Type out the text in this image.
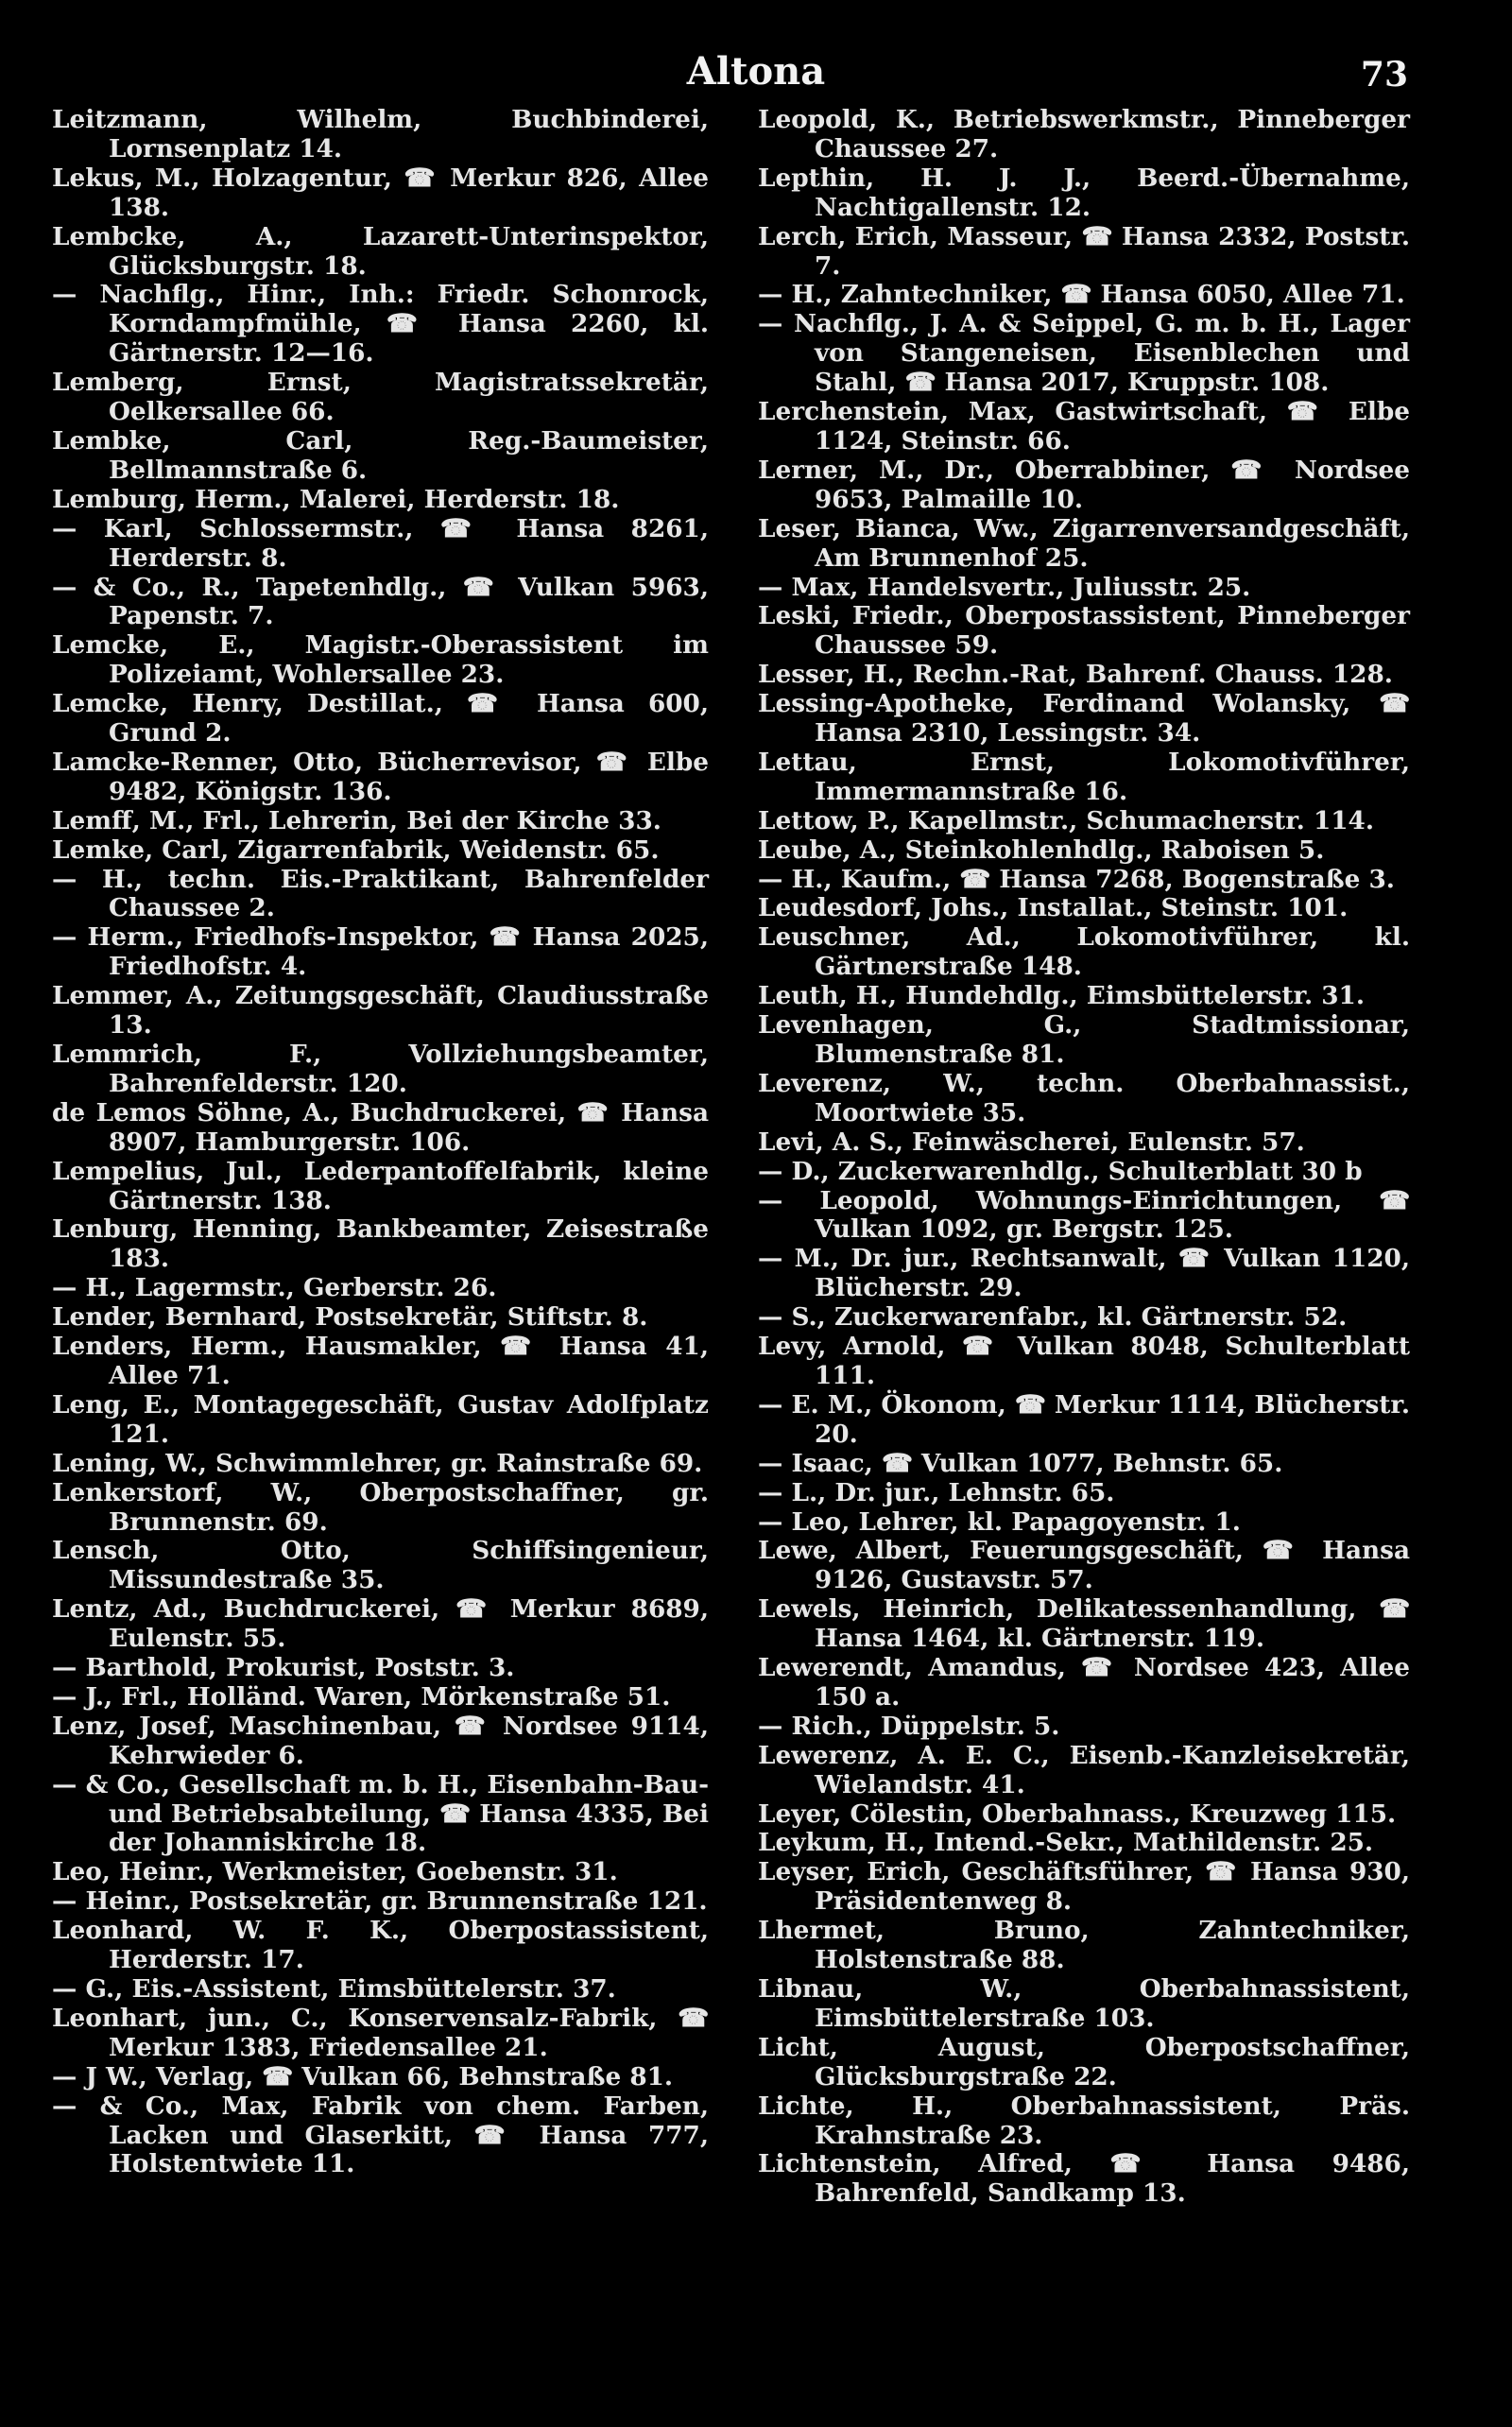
Altona	73
Leitzmann, Wilhelm, Buchbinderei, Lornsenplatz 14.
Lekus, M., Holzagentur, ☎ Merkur 826, Allee 138.
Lembcke, A., Lazarett-Unterinspektor, Glücksburgstr. 18.
— Nachflg., Hinr., Inh.: Friedr. Schonrock, Korndampfmühle, ☎ Hansa 2260, kl. Gärtnerstr. 12—16.
Lemberg, Ernst, Magistratssekretär, Oelkersallee 66.
Lembke, Carl, Reg.-Baumeister, Bellmannstraße 6.
Lemburg, Herm., Malerei, Herderstr. 18.
— Karl, Schlossermstr., ☎ Hansa 8261, Herderstr. 8.
— & Co., R., Tapetenhdlg., ☎ Vulkan 5963, Papenstr. 7.
Lemcke, E., Magistr.-Oberassistent im Polizeiamt, Wohlersallee 23.
Lemcke, Henry, Destillat., ☎ Hansa 600, Grund 2.
Lamcke-Renner, Otto, Bücherrevisor, ☎ Elbe 9482, Königstr. 136.
Lemff, M., Frl., Lehrerin, Bei der Kirche 33.
Lemke, Carl, Zigarrenfabrik, Weidenstr. 65.
— H., techn. Eis.-Praktikant, Bahrenfelder Chaussee 2.
— Herm., Friedhofs-Inspektor, ☎ Hansa 2025, Friedhofstr. 4.
Lemmer, A., Zeitungsgeschäft, Claudiusstraße 13.
Lemmrich, F., Vollziehungsbeamter, Bahrenfelderstr. 120.
de Lemos Söhne, A., Buchdruckerei, ☎ Hansa 8907, Hamburgerstr. 106.
Lempelius, Jul., Lederpantoffelfabrik, kleine Gärtnerstr. 138.
Lenburg, Henning, Bankbeamter, Zeisestraße 183.
— H., Lagermstr., Gerberstr. 26.
Lender, Bernhard, Postsekretär, Stiftstr. 8.
Lenders, Herm., Hausmakler, ☎ Hansa 41, Allee 71.
Leng, E., Montagegeschäft, Gustav Adolfplatz 121.
Lening, W., Schwimmlehrer, gr. Rainstraße 69.
Lenkerstorf, W., Oberpostschaffner, gr. Brunnenstr. 69.
Lensch, Otto, Schiffsingenieur, Missundestraße 35.
Lentz, Ad., Buchdruckerei, ☎ Merkur 8689, Eulenstr. 55.
— Barthold, Prokurist, Poststr. 3.
— J., Frl., Holländ. Waren, Mörkenstraße 51.
Lenz, Josef, Maschinenbau, ☎ Nordsee 9114, Kehrwieder 6.
— & Co., Gesellschaft m. b. H., Eisenbahn-Bau- und Betriebsabteilung, ☎ Hansa 4335, Bei der Johanniskirche 18.
Leo, Heinr., Werkmeister, Goebenstr. 31.
— Heinr., Postsekretär, gr. Brunnenstraße 121.
Leonhard, W. F. K., Oberpostassistent, Herderstr. 17.
— G., Eis.-Assistent, Eimsbüttelerstr. 37.
Leonhart, jun., C., Konservensalz-Fabrik, ☎ Merkur 1383, Friedensallee 21.
— J W., Verlag, ☎ Vulkan 66, Behnstraße 81.
— & Co., Max, Fabrik von chem. Farben, Lacken und Glaserkitt, ☎ Hansa 777, Holstentwiete 11.
Leopold, K., Betriebswerkmstr., Pinneberger Chaussee 27.
Lepthin, H. J. J., Beerd.-Übernahme, Nachtigallenstr. 12.
Lerch, Erich, Masseur, ☎ Hansa 2332, Poststr. 7.
— H., Zahntechniker, ☎ Hansa 6050, Allee 71.
— Nachflg., J. A. & Seippel, G. m. b. H., Lager von Stangeneisen, Eisenblechen und Stahl, ☎ Hansa 2017, Kruppstr. 108.
Lerchenstein, Max, Gastwirtschaft, ☎ Elbe 1124, Steinstr. 66.
Lerner, M., Dr., Oberrabbiner, ☎ Nordsee 9653, Palmaille 10.
Leser, Bianca, Ww., Zigarrenversandgeschäft, Am Brunnenhof 25.
— Max, Handelsvertr., Juliusstr. 25.
Leski, Friedr., Oberpostassistent, Pinneberger Chaussee 59.
Lesser, H., Rechn.-Rat, Bahrenf. Chauss. 128.
Lessing-Apotheke, Ferdinand Wolansky, ☎ Hansa 2310, Lessingstr. 34.
Lettau, Ernst, Lokomotivführer, Immermannstraße 16.
Lettow, P., Kapellmstr., Schumacherstr. 114.
Leube, A., Steinkohlenhdlg., Raboisen 5.
— H., Kaufm., ☎ Hansa 7268, Bogenstraße 3.
Leudesdorf, Johs., Installat., Steinstr. 101.
Leuschner, Ad., Lokomotivführer, kl. Gärtnerstraße 148.
Leuth, H., Hundehdlg., Eimsbüttelerstr. 31.
Levenhagen, G., Stadtmissionar, Blumenstraße 81.
Leverenz, W., techn. Oberbahnassist., Moortwiete 35.
Levi, A. S., Feinwäscherei, Eulenstr. 57.
— D., Zuckerwarenhdlg., Schulterblatt 30 b
— Leopold, Wohnungs-Einrichtungen, ☎ Vulkan 1092, gr. Bergstr. 125.
— M., Dr. jur., Rechtsanwalt, ☎ Vulkan 1120, Blücherstr. 29.
— S., Zuckerwarenfabr., kl. Gärtnerstr. 52.
Levy, Arnold, ☎ Vulkan 8048, Schulterblatt 111.
— E. M., Ökonom, ☎ Merkur 1114, Blücherstr. 20.
— Isaac, ☎ Vulkan 1077, Behnstr. 65.
— L., Dr. jur., Lehnstr. 65.
— Leo, Lehrer, kl. Papagoyenstr. 1.
Lewe, Albert, Feuerungsgeschäft, ☎ Hansa 9126, Gustavstr. 57.
Lewels, Heinrich, Delikatessenhandlung, ☎ Hansa 1464, kl. Gärtnerstr. 119.
Lewerendt, Amandus, ☎ Nordsee 423, Allee 150 a.
— Rich., Düppelstr. 5.
Lewerenz, A. E. C., Eisenb.-Kanzleisekretär, Wielandstr. 41.
Leyer, Cölestin, Oberbahnass., Kreuzweg 115.
Leykum, H., Intend.-Sekr., Mathildenstr. 25.
Leyser, Erich, Geschäftsführer, ☎ Hansa 930, Präsidentenweg 8.
Lhermet, Bruno, Zahntechniker, Holstenstraße 88.
Libnau, W., Oberbahnassistent, Eimsbüttelerstraße 103.
Licht, August, Oberpostschaffner, Glücksburgstraße 22.
Lichte, H., Oberbahnassistent, Präs. Krahnstraße 23.
Lichtenstein, Alfred, ☎ Hansa 9486, Bahrenfeld, Sandkamp 13.
